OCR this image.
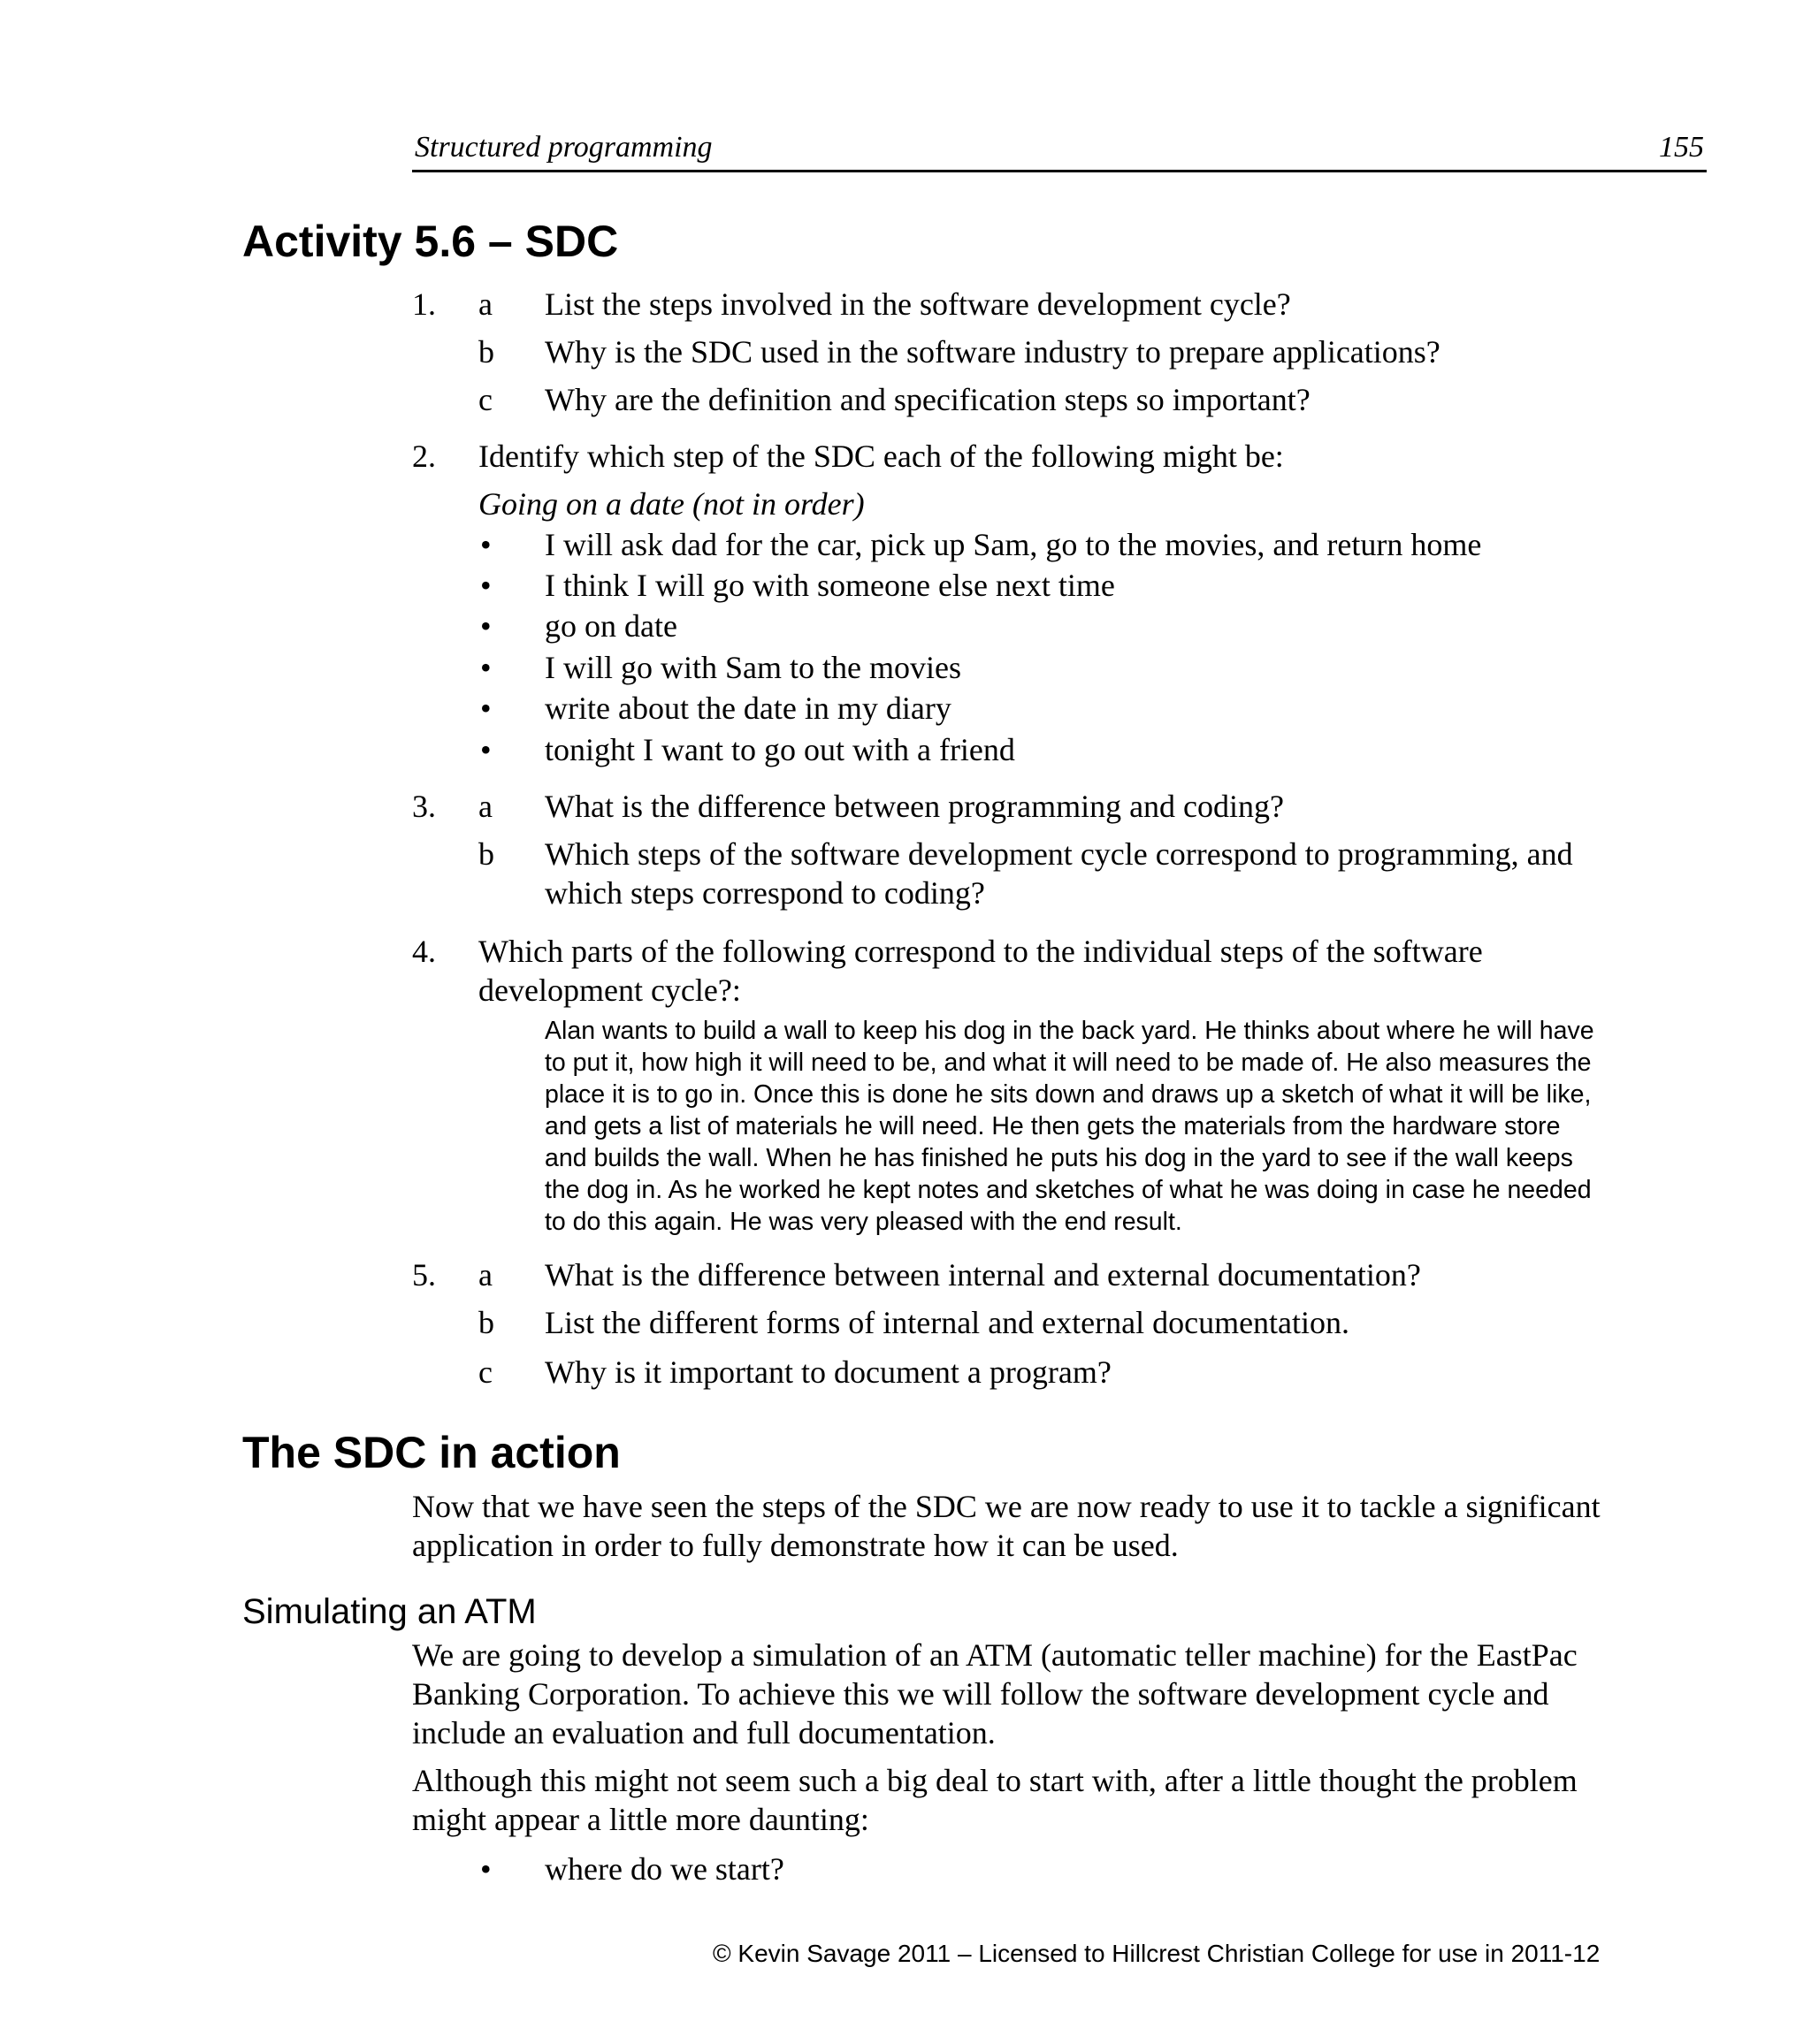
Structured programming	155
Activity 5.6 – SDC
1. a List the steps involved in the software development cycle?
b Why is the SDC used in the software industry to prepare applications?
c Why are the definition and specification steps so important?
2. Identify which step of the SDC each of the following might be:
Going on a date (not in order)
• I will ask dad for the car, pick up Sam, go to the movies, and return home
• I think I will go with someone else next time
• go on date
• I will go with Sam to the movies
• write about the date in my diary
• tonight I want to go out with a friend
3. a What is the difference between programming and coding?
b Which steps of the software development cycle correspond to programming, and
which steps correspond to coding?
4. Which parts of the following correspond to the individual steps of the software
development cycle?:
Alan wants to build a wall to keep his dog in the back yard. He thinks about where he will have
to put it, how high it will need to be, and what it will need to be made of. He also measures the
place it is to go in. Once this is done he sits down and draws up a sketch of what it will be like,
and gets a list of materials he will need. He then gets the materials from the hardware store
and builds the wall. When he has finished he puts his dog in the yard to see if the wall keeps
the dog in. As he worked he kept notes and sketches of what he was doing in case he needed
to do this again. He was very pleased with the end result.
5. a What is the difference between internal and external documentation?
b List the different forms of internal and external documentation.
c Why is it important to document a program?
The SDC in action
Now that we have seen the steps of the SDC we are now ready to use it to tackle a significant
application in order to fully demonstrate how it can be used.
Simulating an ATM
We are going to develop a simulation of an ATM (automatic teller machine) for the EastPac
Banking Corporation. To achieve this we will follow the software development cycle and
include an evaluation and full documentation.
Although this might not seem such a big deal to start with, after a little thought the problem
might appear a little more daunting:
• where do we start?
© Kevin Savage 2011 – Licensed to Hillcrest Christian College for use in 2011-12
